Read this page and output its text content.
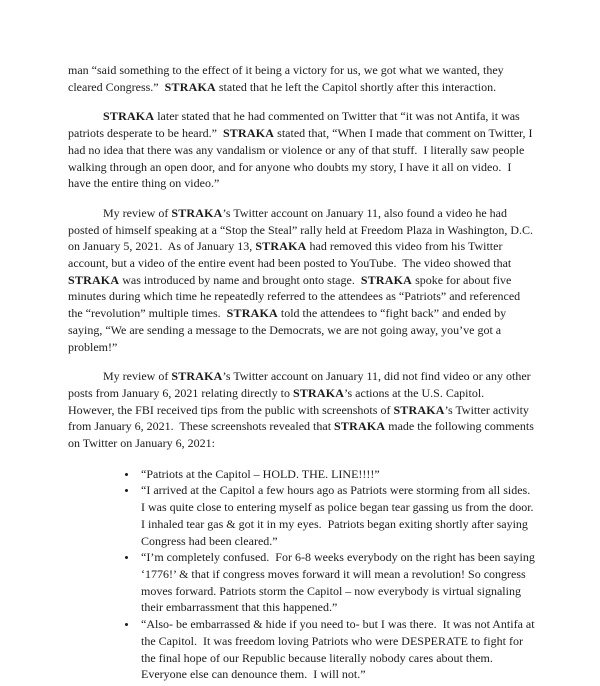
man “said something to the effect of it being a victory for us, we got what we wanted, they cleared Congress.”  STRAKA stated that he left the Capitol shortly after this interaction.

STRAKA later stated that he had commented on Twitter that “it was not Antifa, it was patriots desperate to be heard.”  STRAKA stated that, “When I made that comment on Twitter, I had no idea that there was any vandalism or violence or any of that stuff.  I literally saw people walking through an open door, and for anyone who doubts my story, I have it all on video.  I have the entire thing on video.”

My review of STRAKA’s Twitter account on January 11, also found a video he had posted of himself speaking at a “Stop the Steal” rally held at Freedom Plaza in Washington, D.C. on January 5, 2021.  As of January 13, STRAKA had removed this video from his Twitter account, but a video of the entire event had been posted to YouTube.  The video showed that STRAKA was introduced by name and brought onto stage.  STRAKA spoke for about five minutes during which time he repeatedly referred to the attendees as “Patriots” and referenced the “revolution” multiple times.  STRAKA told the attendees to “fight back” and ended by saying, “We are sending a message to the Democrats, we are not going away, you’ve got a problem!”

My review of STRAKA’s Twitter account on January 11, did not find video or any other posts from January 6, 2021 relating directly to STRAKA’s actions at the U.S. Capitol.  However, the FBI received tips from the public with screenshots of STRAKA’s Twitter activity from January 6, 2021.  These screenshots revealed that STRAKA made the following comments on Twitter on January 6, 2021:

• “Patriots at the Capitol – HOLD. THE. LINE!!!!”
• “I arrived at the Capitol a few hours ago as Patriots were storming from all sides. I was quite close to entering myself as police began tear gassing us from the door. I inhaled tear gas & got it in my eyes.  Patriots began exiting shortly after saying Congress had been cleared.”
• “I’m completely confused.  For 6-8 weeks everybody on the right has been saying ‘1776!’ & that if congress moves forward it will mean a revolution! So congress moves forward. Patriots storm the Capitol – now everybody is virtual signaling their embarrassment that this happened.”
• “Also- be embarrassed & hide if you need to- but I was there.  It was not Antifa at the Capitol.  It was freedom loving Patriots who were DESPERATE to fight for the final hope of our Republic because literally nobody cares about them.  Everyone else can denounce them.  I will not.”
